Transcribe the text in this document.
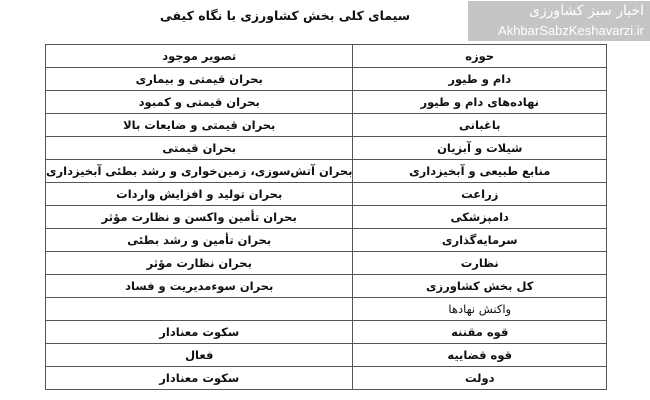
سیمای کلی بخش کشاورزی با نگاه کیفی
حوزه	تصویر موجود
دام و طیور	بحران قیمتی و بیماری
نهاده‌های دام و طیور	بحران قیمتی و کمبود
باغبانی	بحران قیمتی و ضایعات بالا
شیلات و آبزیان	بحران قیمتی
منابع طبیعی و آبخیزداری	بحران آتش‌سوزی، زمین‌خواری و رشد بطئی آبخیزداری
زراعت	بحران تولید و افزایش واردات
دامپزشکی	بحران تأمین واکسن و نظارت مؤثر
سرمایه‌گذاری	بحران تأمین و رشد بطئی
نظارت	بحران نظارت مؤثر
کل بخش کشاورزی	بحران سوءمدیریت و فساد
واکنش نهادها	
قوه مقننه	سکوت معنادار
قوه قضاییه	فعال
دولت	سکوت معنادار
اخبار سبز کشاورزی
AkhbarSabzKeshavarzi.ir
